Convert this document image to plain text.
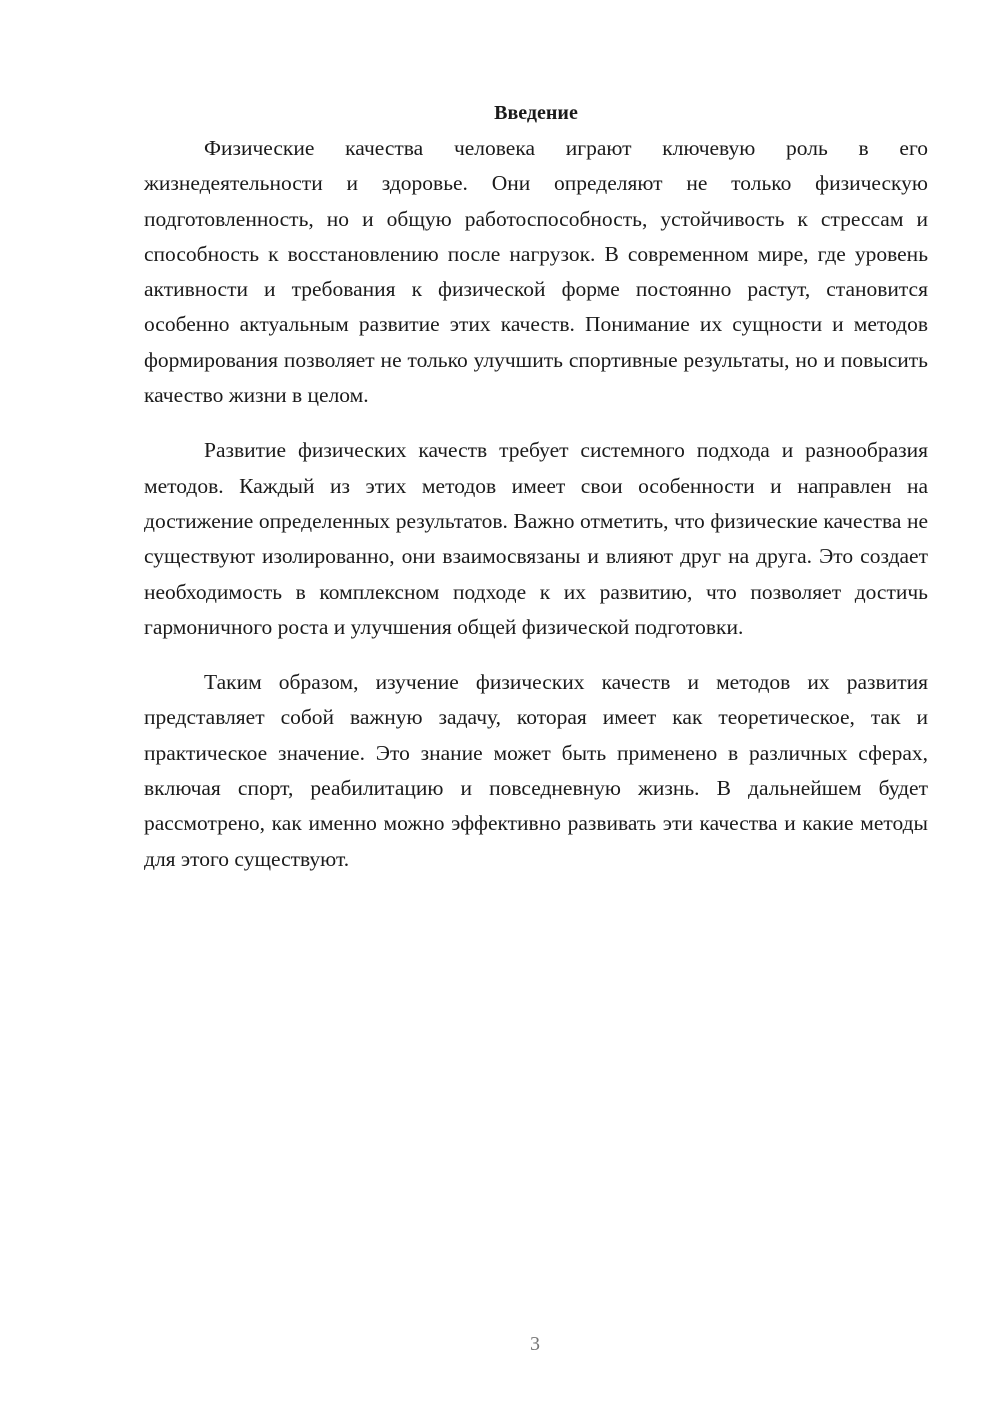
Введение

Физические качества человека играют ключевую роль в его жизнедеятельности и здоровье. Они определяют не только физическую подготовленность, но и общую работоспособность, устойчивость к стрессам и способность к восстановлению после нагрузок. В современном мире, где уровень активности и требования к физической форме постоянно растут, становится особенно актуальным развитие этих качеств. Понимание их сущности и методов формирования позволяет не только улучшить спортивные результаты, но и повысить качество жизни в целом.

Развитие физических качеств требует системного подхода и разнообразия методов. Каждый из этих методов имеет свои особенности и направлен на достижение определенных результатов. Важно отметить, что физические качества не существуют изолированно, они взаимосвязаны и влияют друг на друга. Это создает необходимость в комплексном подходе к их развитию, что позволяет достичь гармоничного роста и улучшения общей физической подготовки.

Таким образом, изучение физических качеств и методов их развития представляет собой важную задачу, которая имеет как теоретическое, так и практическое значение. Это знание может быть применено в различных сферах, включая спорт, реабилитацию и повседневную жизнь. В дальнейшем будет рассмотрено, как именно можно эффективно развивать эти качества и какие методы для этого существуют.

3
